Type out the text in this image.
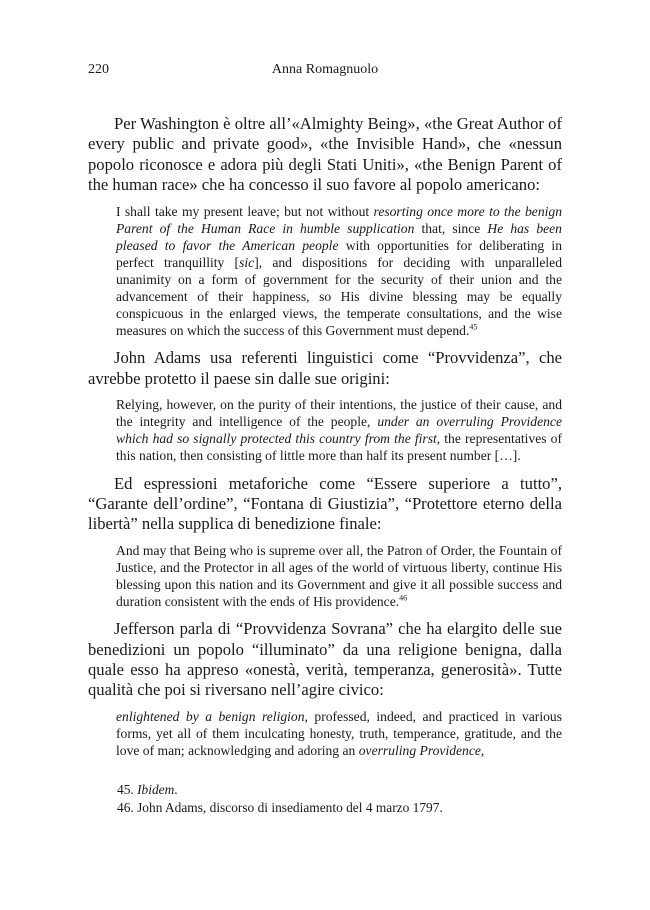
220	Anna Romagnuolo

Per Washington è oltre all’«Almighty Being», «the Great Author of every public and private good», «the Invisible Hand», che «nessun popolo riconosce e adora più degli Stati Uniti», «the Benign Parent of the human race» che ha concesso il suo favore al popolo americano:

I shall take my present leave; but not without resorting once more to the benign Parent of the Human Race in humble supplication that, since He has been pleased to favor the American people with opportunities for deliberating in perfect tranquillity [sic], and dispositions for deciding with unparalleled unanimity on a form of government for the security of their union and the advancement of their happiness, so His divine blessing may be equally conspicuous in the enlarged views, the temperate consultations, and the wise measures on which the success of this Government must depend.$^{45}$

John Adams usa referenti linguistici come “Provvidenza”, che avrebbe protetto il paese sin dalle sue origini:

Relying, however, on the purity of their intentions, the justice of their cause, and the integrity and intelligence of the people, under an overruling Providence which had so signally protected this country from the first, the representatives of this nation, then consisting of little more than half its present number […].

Ed espressioni metaforiche come “Essere superiore a tutto”, “Garante dell’ordine”, “Fontana di Giustizia”, “Protettore eterno della libertà” nella supplica di benedizione finale:

And may that Being who is supreme over all, the Patron of Order, the Fountain of Justice, and the Protector in all ages of the world of virtuous liberty, continue His blessing upon this nation and its Government and give it all possible success and duration consistent with the ends of His providence.$^{46}$

Jefferson parla di “Provvidenza Sovrana” che ha elargito delle sue benedizioni un popolo “illuminato” da una religione benigna, dalla quale esso ha appreso «onestà, verità, temperanza, generosità». Tutte qualità che poi si riversano nell’agire civico:

enlightened by a benign religion, professed, indeed, and practiced in various forms, yet all of them inculcating honesty, truth, temperance, gratitude, and the love of man; acknowledging and adoring an overruling Providence,
45. Ibidem.
46. John Adams, discorso di insediamento del 4 marzo 1797.
